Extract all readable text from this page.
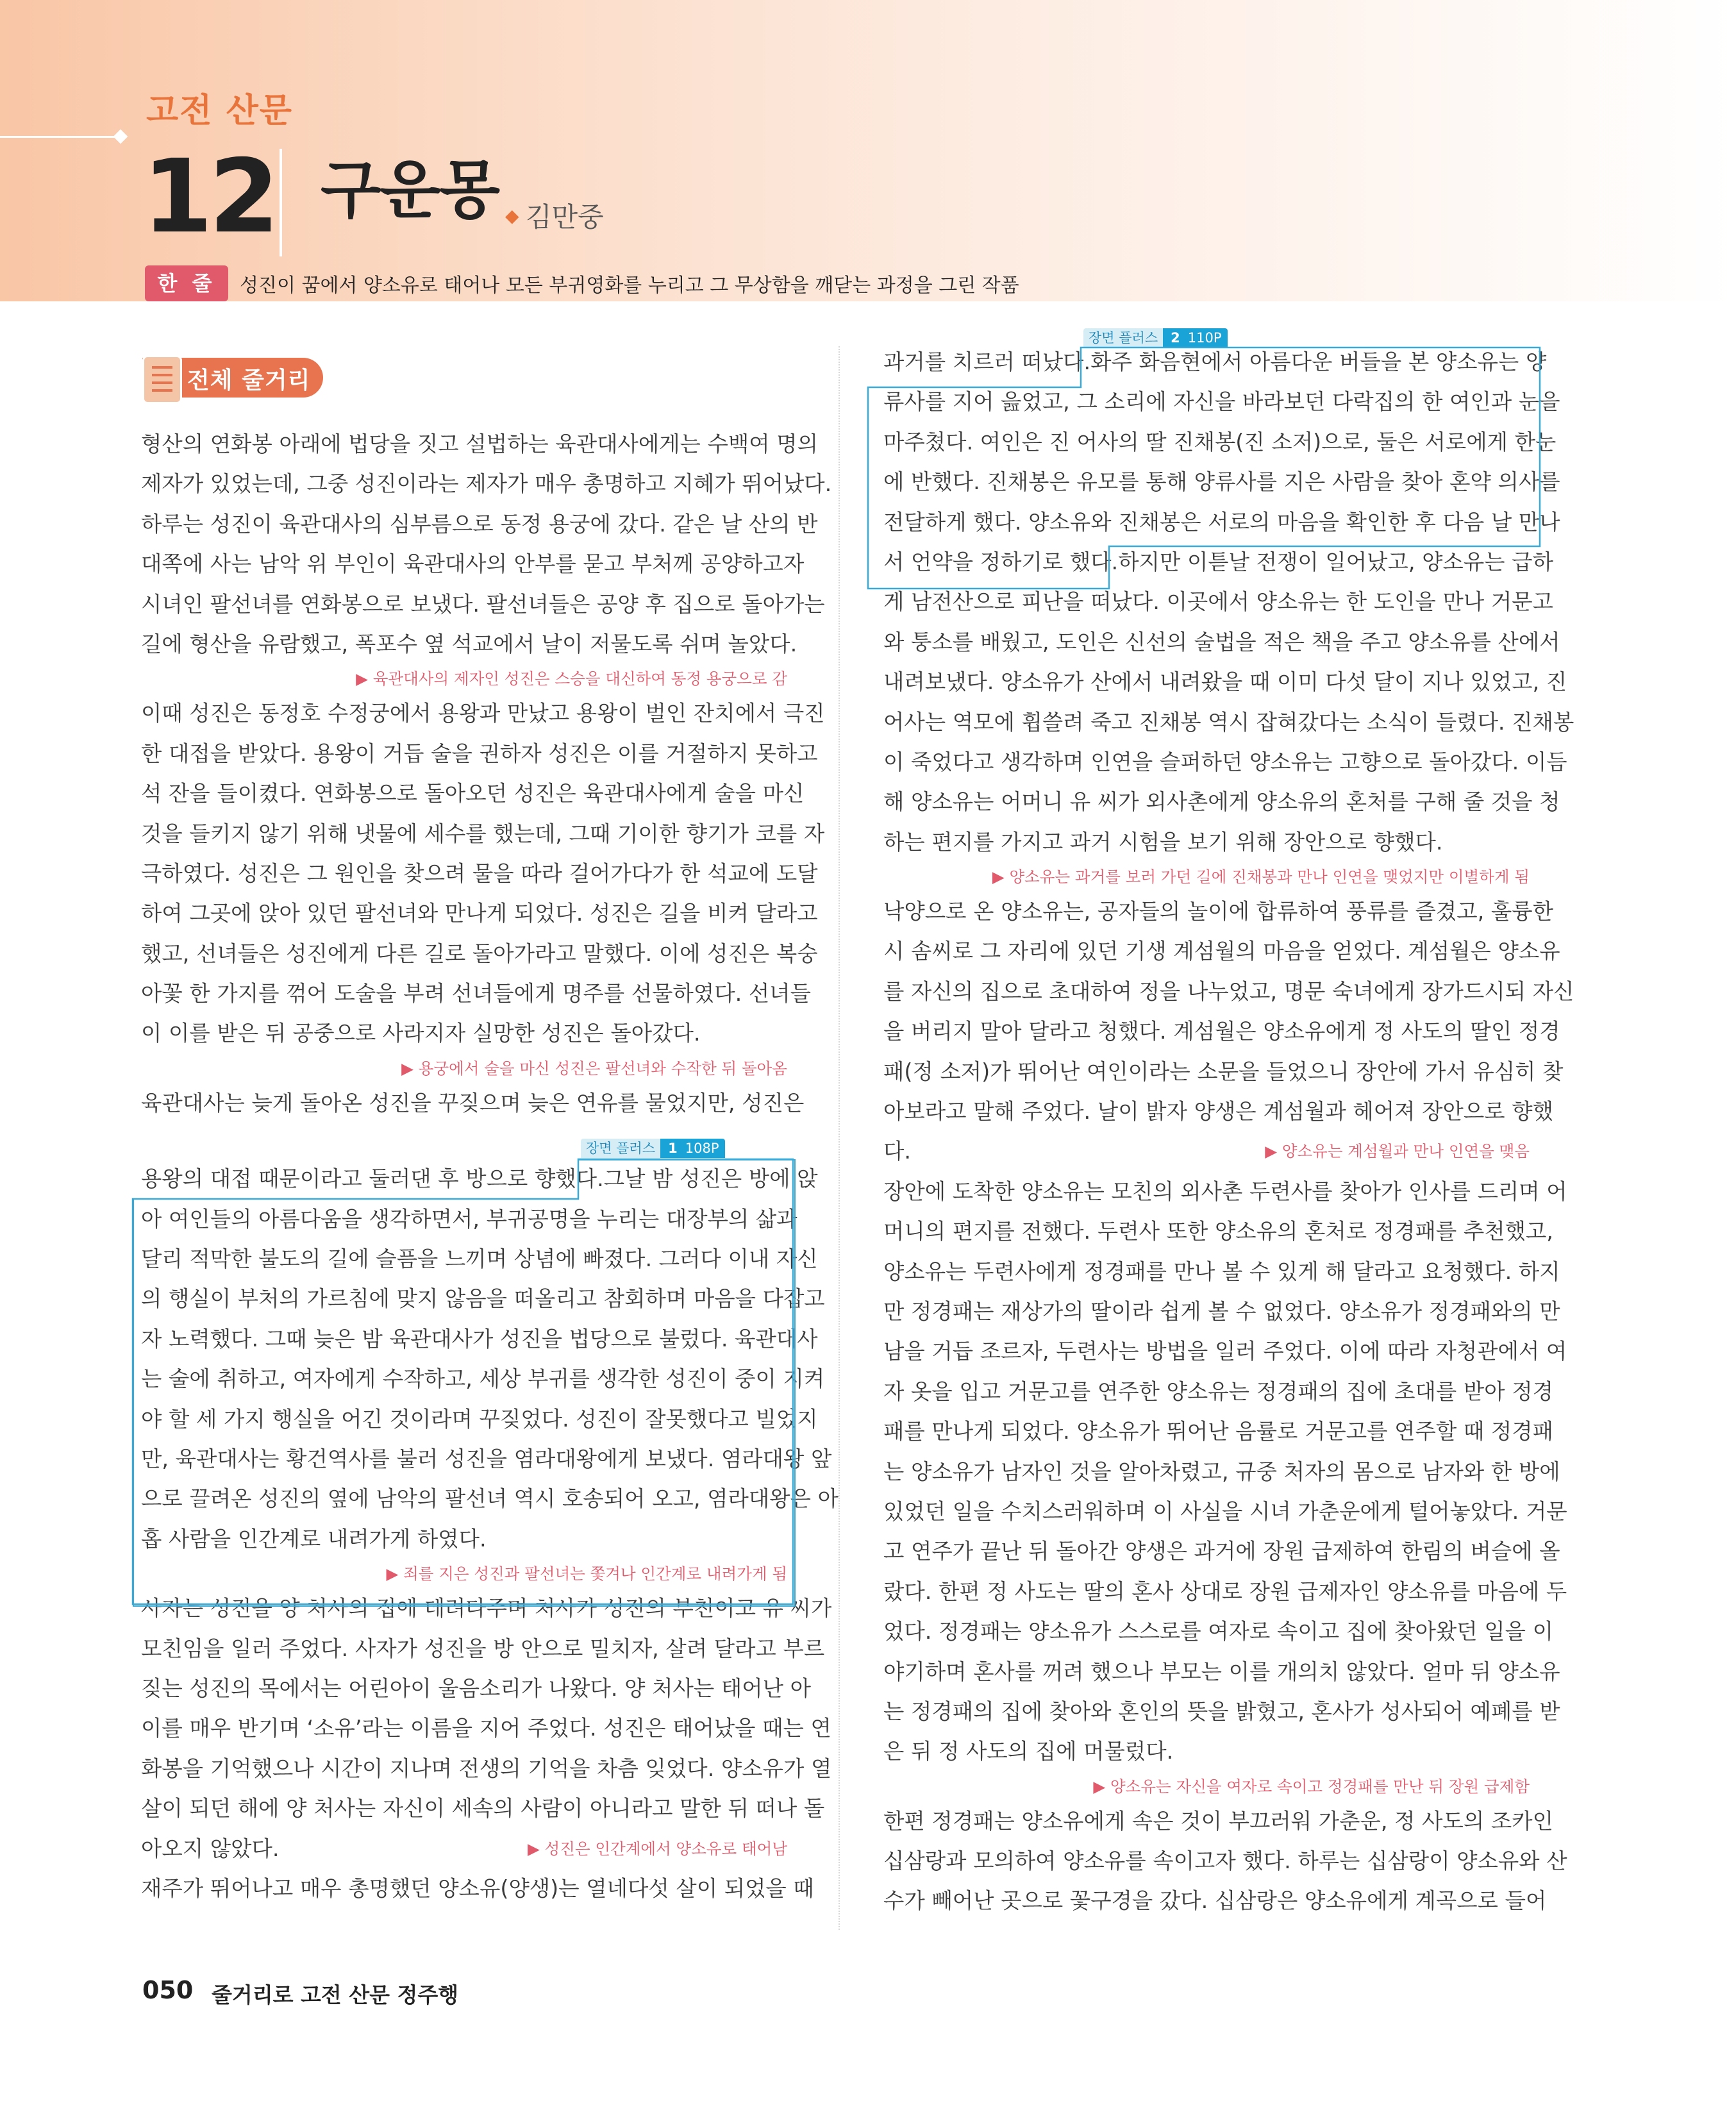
고전 산문
12 구운몽 ◆ 김만중
한 줄 평
성진이 꿈에서 양소유로 태어나 모든 부귀영화를 누리고 그 무상함을 깨닫는 과정을 그린 작품
전체 줄거리
형산의 연화봉 아래에 법당을 짓고 설법하는 육관대사에게는 수백여 명의
제자가 있었는데, 그중 성진이라는 제자가 매우 총명하고 지혜가 뛰어났다.
하루는 성진이 육관대사의 심부름으로 동정 용궁에 갔다. 같은 날 산의 반
대쪽에 사는 남악 위 부인이 육관대사의 안부를 묻고 부처께 공양하고자
시녀인 팔선녀를 연화봉으로 보냈다. 팔선녀들은 공양 후 집으로 돌아가는
길에 형산을 유람했고, 폭포수 옆 석교에서 날이 저물도록 쉬며 놀았다.
▶ 육관대사의 제자인 성진은 스승을 대신하여 동정 용궁으로 감
이때 성진은 동정호 수정궁에서 용왕과 만났고 용왕이 벌인 잔치에서 극진
한 대접을 받았다. 용왕이 거듭 술을 권하자 성진은 이를 거절하지 못하고
석 잔을 들이켰다. 연화봉으로 돌아오던 성진은 육관대사에게 술을 마신
것을 들키지 않기 위해 냇물에 세수를 했는데, 그때 기이한 향기가 코를 자
극하였다. 성진은 그 원인을 찾으려 물을 따라 걸어가다가 한 석교에 도달
하여 그곳에 앉아 있던 팔선녀와 만나게 되었다. 성진은 길을 비켜 달라고
했고, 선녀들은 성진에게 다른 길로 돌아가라고 말했다. 이에 성진은 복숭
아꽃 한 가지를 꺾어 도술을 부려 선녀들에게 명주를 선물하였다. 선녀들
이 이를 받은 뒤 공중으로 사라지자 실망한 성진은 돌아갔다.
▶ 용궁에서 술을 마신 성진은 팔선녀와 수작한 뒤 돌아옴
육관대사는 늦게 돌아온 성진을 꾸짖으며 늦은 연유를 물었지만, 성진은
용왕의 대접 때문이라고 둘러댄 후 방으로 향했다.그날 밤 성진은 방에 앉
아 여인들의 아름다움을 생각하면서, 부귀공명을 누리는 대장부의 삶과
달리 적막한 불도의 길에 슬픔을 느끼며 상념에 빠졌다. 그러다 이내 자신
의 행실이 부처의 가르침에 맞지 않음을 떠올리고 참회하며 마음을 다잡고
자 노력했다. 그때 늦은 밤 육관대사가 성진을 법당으로 불렀다. 육관대사
는 술에 취하고, 여자에게 수작하고, 세상 부귀를 생각한 성진이 중이 지켜
야 할 세 가지 행실을 어긴 것이라며 꾸짖었다. 성진이 잘못했다고 빌었지
만, 육관대사는 황건역사를 불러 성진을 염라대왕에게 보냈다. 염라대왕 앞
으로 끌려온 성진의 옆에 남악의 팔선녀 역시 호송되어 오고, 염라대왕은 아
홉 사람을 인간계로 내려가게 하였다.
▶ 죄를 지은 성진과 팔선녀는 쫓겨나 인간계로 내려가게 됨
사자는 성진을 양 처사의 집에 데려다주며 처사가 성진의 부친이고 유 씨가
모친임을 일러 주었다. 사자가 성진을 방 안으로 밀치자, 살려 달라고 부르
짖는 성진의 목에서는 어린아이 울음소리가 나왔다. 양 처사는 태어난 아
이를 매우 반기며 ‘소유’라는 이름을 지어 주었다. 성진은 태어났을 때는 연
화봉을 기억했으나 시간이 지나며 전생의 기억을 차츰 잊었다. 양소유가 열
살이 되던 해에 양 처사는 자신이 세속의 사람이 아니라고 말한 뒤 떠나 돌
아오지 않았다.	▶ 성진은 인간계에서 양소유로 태어남
재주가 뛰어나고 매우 총명했던 양소유(양생)는 열네다섯 살이 되었을 때
장면 플러스 1 108P
과거를 치르러 떠났다.화주 화음현에서 아름다운 버들을 본 양소유는 양
류사를 지어 읊었고, 그 소리에 자신을 바라보던 다락집의 한 여인과 눈을
마주쳤다. 여인은 진 어사의 딸 진채봉(진 소저)으로, 둘은 서로에게 한눈
에 반했다. 진채봉은 유모를 통해 양류사를 지은 사람을 찾아 혼약 의사를
전달하게 했다. 양소유와 진채봉은 서로의 마음을 확인한 후 다음 날 만나
서 언약을 정하기로 했다.하지만 이튿날 전쟁이 일어났고, 양소유는 급하
게 남전산으로 피난을 떠났다. 이곳에서 양소유는 한 도인을 만나 거문고
와 퉁소를 배웠고, 도인은 신선의 술법을 적은 책을 주고 양소유를 산에서
내려보냈다. 양소유가 산에서 내려왔을 때 이미 다섯 달이 지나 있었고, 진
어사는 역모에 휩쓸려 죽고 진채봉 역시 잡혀갔다는 소식이 들렸다. 진채봉
이 죽었다고 생각하며 인연을 슬퍼하던 양소유는 고향으로 돌아갔다. 이듬
해 양소유는 어머니 유 씨가 외사촌에게 양소유의 혼처를 구해 줄 것을 청
하는 편지를 가지고 과거 시험을 보기 위해 장안으로 향했다.
▶ 양소유는 과거를 보러 가던 길에 진채봉과 만나 인연을 맺었지만 이별하게 됨
낙양으로 온 양소유는, 공자들의 놀이에 합류하여 풍류를 즐겼고, 훌륭한
시 솜씨로 그 자리에 있던 기생 계섬월의 마음을 얻었다. 계섬월은 양소유
를 자신의 집으로 초대하여 정을 나누었고, 명문 숙녀에게 장가드시되 자신
을 버리지 말아 달라고 청했다. 계섬월은 양소유에게 정 사도의 딸인 정경
패(정 소저)가 뛰어난 여인이라는 소문을 들었으니 장안에 가서 유심히 찾
아보라고 말해 주었다. 날이 밝자 양생은 계섬월과 헤어져 장안으로 향했
다.	▶ 양소유는 계섬월과 만나 인연을 맺음
장안에 도착한 양소유는 모친의 외사촌 두련사를 찾아가 인사를 드리며 어
머니의 편지를 전했다. 두련사 또한 양소유의 혼처로 정경패를 추천했고,
양소유는 두련사에게 정경패를 만나 볼 수 있게 해 달라고 요청했다. 하지
만 정경패는 재상가의 딸이라 쉽게 볼 수 없었다. 양소유가 정경패와의 만
남을 거듭 조르자, 두련사는 방법을 일러 주었다. 이에 따라 자청관에서 여
자 옷을 입고 거문고를 연주한 양소유는 정경패의 집에 초대를 받아 정경
패를 만나게 되었다. 양소유가 뛰어난 음률로 거문고를 연주할 때 정경패
는 양소유가 남자인 것을 알아차렸고, 규중 처자의 몸으로 남자와 한 방에
있었던 일을 수치스러워하며 이 사실을 시녀 가춘운에게 털어놓았다. 거문
고 연주가 끝난 뒤 돌아간 양생은 과거에 장원 급제하여 한림의 벼슬에 올
랐다. 한편 정 사도는 딸의 혼사 상대로 장원 급제자인 양소유를 마음에 두
었다. 정경패는 양소유가 스스로를 여자로 속이고 집에 찾아왔던 일을 이
야기하며 혼사를 꺼려 했으나 부모는 이를 개의치 않았다. 얼마 뒤 양소유
는 정경패의 집에 찾아와 혼인의 뜻을 밝혔고, 혼사가 성사되어 예폐를 받
은 뒤 정 사도의 집에 머물렀다.
▶ 양소유는 자신을 여자로 속이고 정경패를 만난 뒤 장원 급제함
한편 정경패는 양소유에게 속은 것이 부끄러워 가춘운, 정 사도의 조카인
십삼랑과 모의하여 양소유를 속이고자 했다. 하루는 십삼랑이 양소유와 산
수가 빼어난 곳으로 꽃구경을 갔다. 십삼랑은 양소유에게 계곡으로 들어
장면 플러스 2 110P
050 줄거리로 고전 산문 정주행
